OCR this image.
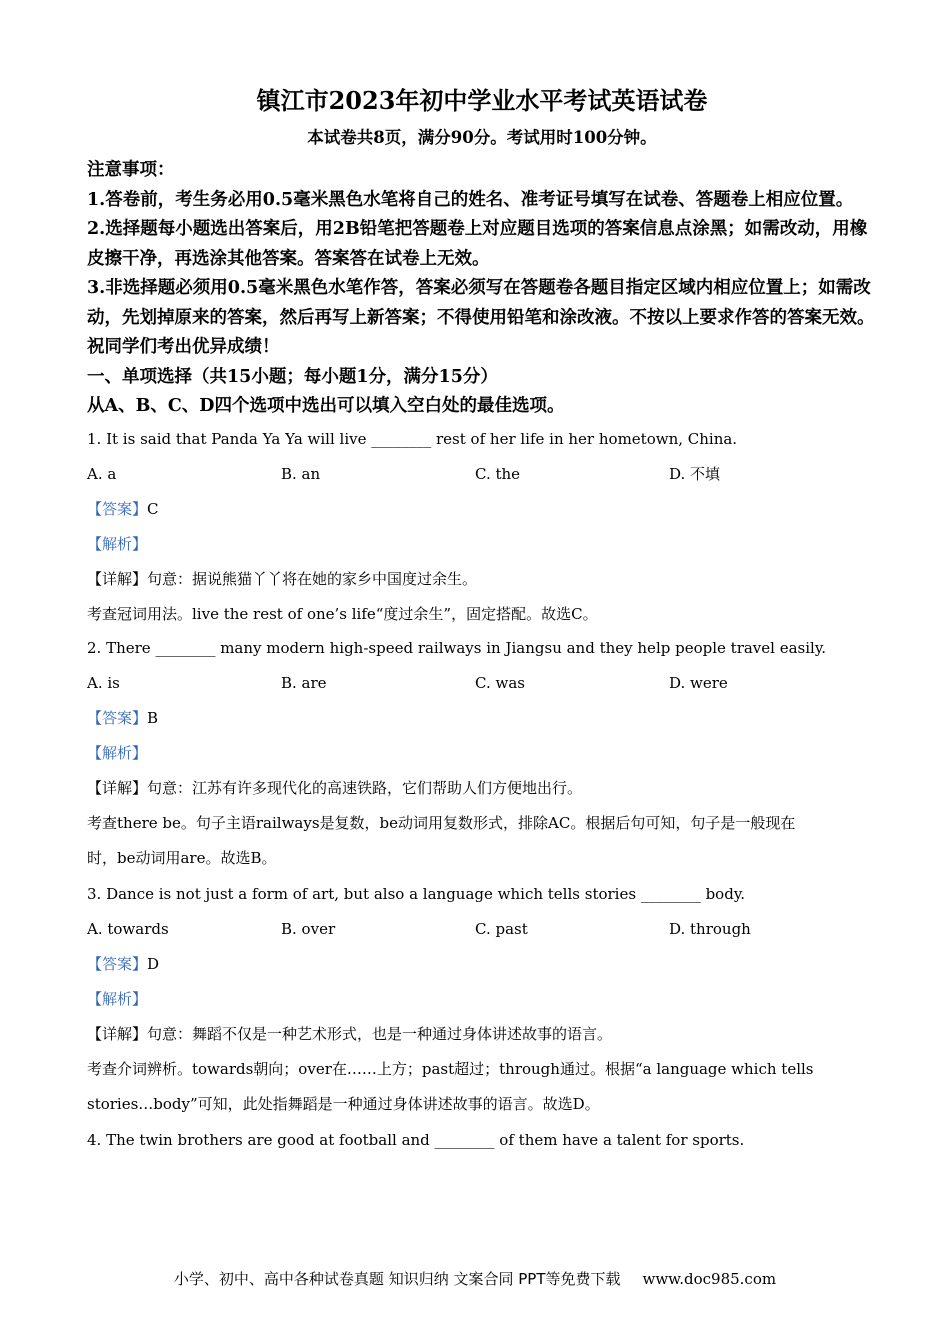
镇江市2023年初中学业水平考试英语试卷
本试卷共8页，满分90分。考试用时100分钟。
注意事项：
1.答卷前，考生务必用0.5毫米黑色水笔将自己的姓名、准考证号填写在试卷、答题卷上相应位置。
2.选择题每小题选出答案后，用2B铅笔把答题卷上对应题目选项的答案信息点涂黑；如需改动，用橡皮擦干净，再选涂其他答案。答案答在试卷上无效。
3.非选择题必须用0.5毫米黑色水笔作答，答案必须写在答题卷各题目指定区域内相应位置上；如需改动，先划掉原来的答案，然后再写上新答案；不得使用铅笔和涂改液。不按以上要求作答的答案无效。
祝同学们考出优异成绩！
一、单项选择（共15小题；每小题1分，满分15分）
从A、B、C、D四个选项中选出可以填入空白处的最佳选项。
1. It is said that Panda Ya Ya will live ________ rest of her life in her hometown, China.
A. a	B. an	C. the	D. 不填
【答案】C
【解析】
【详解】句意：据说熊猫丫丫将在她的家乡中国度过余生。
考查冠词用法。live the rest of one’s life“度过余生”，固定搭配。故选C。
2. There ________ many modern high-speed railways in Jiangsu and they help people travel easily.
A. is	B. are	C. was	D. were
【答案】B
【解析】
【详解】句意：江苏有许多现代化的高速铁路，它们帮助人们方便地出行。
考查there be。句子主语railways是复数，be动词用复数形式，排除AC。根据后句可知，句子是一般现在
时，be动词用are。故选B。
3. Dance is not just a form of art, but also a language which tells stories ________ body.
A. towards	B. over	C. past	D. through
【答案】D
【解析】
【详解】句意：舞蹈不仅是一种艺术形式，也是一种通过身体讲述故事的语言。
考查介词辨析。towards朝向；over在……上方；past超过；through通过。根据“a language which tells
stories…body”可知，此处指舞蹈是一种通过身体讲述故事的语言。故选D。
4. The twin brothers are good at football and ________ of them have a talent for sports.
小学、初中、高中各种试卷真题 知识归纳 文案合同 PPT等免费下载 www.doc985.com
